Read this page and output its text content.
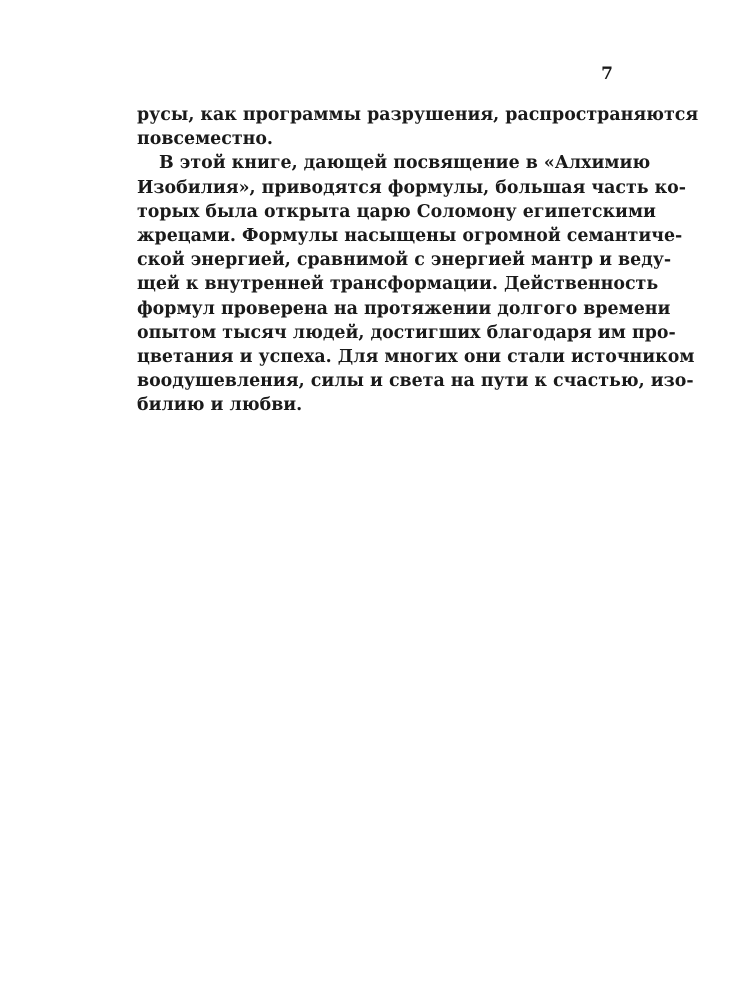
7
русы, как программы разрушения, распространяются
повсеместно.
В этой книге, дающей посвящение в «Алхимию
Изобилия», приводятся формулы, большая часть ко-
торых была открыта царю Соломону египетскими
жрецами. Формулы насыщены огромной семантиче-
ской энергией, сравнимой с энергией мантр и веду-
щей к внутренней трансформации. Действенность
формул проверена на протяжении долгого времени
опытом тысяч людей, достигших благодаря им про-
цветания и успеха. Для многих они стали источником
воодушевления, силы и света на пути к счастью, изо-
билию и любви.
